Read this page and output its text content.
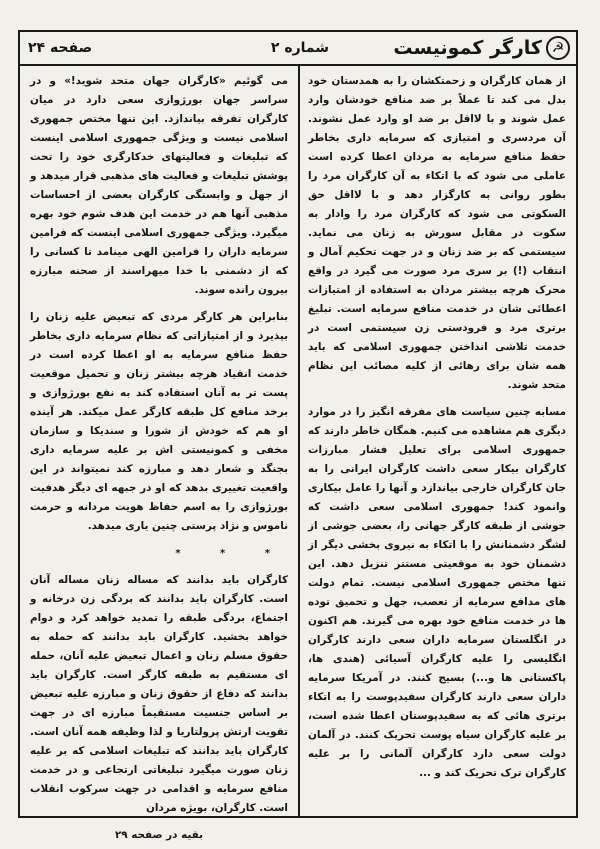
☭
کارگر کمونیست
شماره ۲
صفحه ۲۴

از همان کارگران و زحمتکشان را به همدستان خود بدل می کند تا عملاً بر ضد منافع خودشان وارد عمل شوند و با لااقل بر ضد او وارد عمل نشوند. آن مردسری و امتیازی که سرمایه داری بخاطر حفظ منافع سرمایه به مردان اعطا کرده است عاملی می شود که با اتکاء به آن کارگران مرد را بطور روانی به کارگزار دهد و با لااقل حق السکوتی می شود که کارگران مرد را وادار به سکوت در مقابل سورش به زنان می نماید. سیستمی که بر ضد زنان و در جهت تحکیم آمال و انتقاب (!) بر سری مرد صورت می گیرد در واقع محرک هرچه بیشتر مردان به استفاده از امتیازات اعطائی شان در خدمت منافع سرمایه است. تبلیغ برتری مرد و فرودستی زن سیستمی است در خدمت تلاشی انداختن جمهوری اسلامی که باید همه شان برای رهائی از کلیه مصائب این نظام متحد شوند.

مسابه چنین سیاست های مفرقه انگیز را در موارد دیگری هم مشاهده می کنیم. همگان خاطر دارند که جمهوری اسلامی برای تعلیل فشار مبارزات کارگران بیکار سعی داشت کارگران ایرانی را به جان کارگران خارجی بیاندازد و آنها را عامل بیکاری وانمود کند! جمهوری اسلامی سعی داشت که جوشی از طبقه کارگر جهانی را، بعضی جوشی از لشگر دشمنانش را با اتکاء به نیروی بخشی دیگر از دشمنان خود به موقعیتی مستتر تنزیل دهد. این تنها مختص جمهوری اسلامی نیست. تمام دولت های مدافع سرمایه از تعصب، جهل و تحمیق توده ها در خدمت منافع خود بهره می گیرند. هم اکنون در انگلستان سرمایه داران سعی دارند کارگران انگلیسی را علیه کارگران آسیائی (هندی ها، پاکستانی ها و...) بسیج کنند. در آمریکا سرمایه داران سعی دارند کارگران سفیدپوست را به اتکاء برتری هائی که به سفیدپوستان اعطا شده است، بر علیه کارگران سیاه پوست تحریک کنند. در آلمان دولت سعی دارد کارگران آلمانی را بر علیه کارگران ترک تحریک کند و ...

می گوئیم «کارگران جهان متحد شوید!» و در سراسر جهان بورژوازی سعی دارد در میان کارگران تفرقه بیاندازد. این تنها مختص جمهوری اسلامی نیست و ویژگی جمهوری اسلامی اینست که تبلیغات و فعالیتهای خدکارگری خود را تحت پوشش تبلیغات و فعالیت های مذهبی قرار میدهد و از جهل و وابستگی کارگران بعضی از احساسات مذهبی آنها هم در خدمت این هدف شوم خود بهره میگیرد. ویژگی جمهوری اسلامی اینست که فرامین سرمایه داران را فرامین الهی مینامد تا کسانی را که از دشمنی با خدا میهراسند از صحنه مبارزه بیرون رانده سوند.

بنابراین هر کارگر مردی که تبعیض علیه زنان را بپذیرد و از امتیازاتی که نظام سرمایه داری بخاطر حفظ منافع سرمایه به او اعطا کرده است در خدمت انقیاد هرچه بیشتر زنان و تحمیل موقعیت پست تر به آنان استفاده کند به نفع بورژوازی و برخد منافع کل طبقه کارگر عمل میکند. هر آینده او هم که خودش از شورا و سندیکا و سازمان مخفی و کمونیستی اش بر علیه سرمایه داری بجنگد و شعار دهد و مبارزه کند نمیتواند در این واقعیت تغییری بدهد که او در جبهه ای دیگر هدفیت بورژوازی را به اسم حفاظ هویت مردانه و حرمت ناموس و نژاد پرستی چنین یاری میدهد.

* * *

کارگران باید بدانند که مساله زنان مساله آنان است. کارگران باید بدانند که بردگی زن درخانه و اجتماع، بردگی طبقه را تمدید خواهد کرد و دوام خواهد بخشید. کارگران باید بدانند که حمله به حقوق مسلم زنان و اعمال تبعیض علیه آنان، حمله ای مستقیم به طبقه کارگر است. کارگران باید بدانند که دفاع از حقوق زنان و مبارزه علیه تبعیض بر اساس جنسیت مستقیماً مبارزه ای در جهت تقویت ارتش پرولتاریا و لذا وظیفه همه آنان است. کارگران باید بدانند که تبلیغات اسلامی که بر علیه زنان صورت میگیرد تبلیغاتی ارتجاعی و در خدمت منافع سرمایه و اقدامی در جهت سرکوب انقلاب است. کارگران، بویژه مردان

بقیه در صفحه ۲۹
